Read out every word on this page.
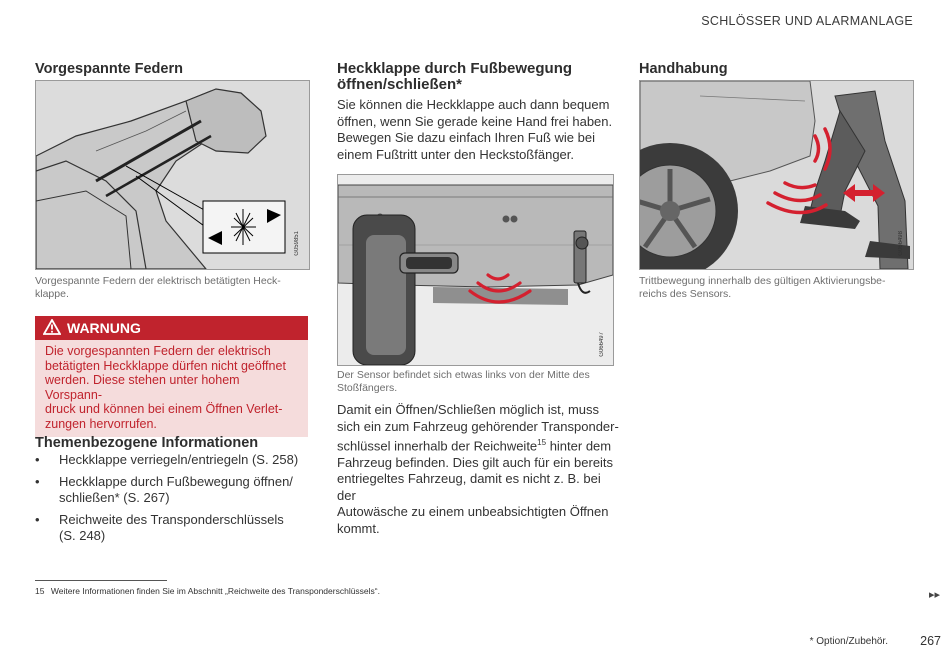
SCHLÖSSER UND ALARMANLAGE
Vorgespannte Federn
G059851
Vorgespannte Federn der elektrisch betätigten Heck-
klappe.
WARNUNG
Die vorgespannten Federn der elektrisch
betätigten Heckklappe dürfen nicht geöffnet
werden. Diese stehen unter hohem Vorspann-
druck und können bei einem Öffnen Verlet-
zungen hervorrufen.
Themenbezogene Informationen
•	Heckklappe verriegeln/entriegeln (S. 258)
•	Heckklappe durch Fußbewegung öffnen/
schließen* (S. 267)
•	Reichweite des Transponderschlüssels
(S. 248)
Heckklappe durch Fußbewegung
öffnen/schließen*
Sie können die Heckklappe auch dann bequem
öffnen, wenn Sie gerade keine Hand frei haben.
Bewegen Sie dazu einfach Ihren Fuß wie bei
einem Fußtritt unter den Heckstoßfänger.
G066497
Der Sensor befindet sich etwas links von der Mitte des
Stoßfängers.
Damit ein Öffnen/Schließen möglich ist, muss
sich ein zum Fahrzeug gehörender Transponder-
schlüssel innerhalb der Reichweite$^{15}$ hinter dem
Fahrzeug befinden. Dies gilt auch für ein bereits
entriegeltes Fahrzeug, damit es nicht z. B. bei der
Autowäsche zu einem unbeabsichtigten Öffnen
kommt.
Handhabung
G066498
Trittbewegung innerhalb des gültigen Aktivierungsbe-
reichs des Sensors.
15 Weitere Informationen finden Sie im Abschnitt „Reichweite des Transponderschlüssels“.	▸▸
* Option/Zubehör.	267
